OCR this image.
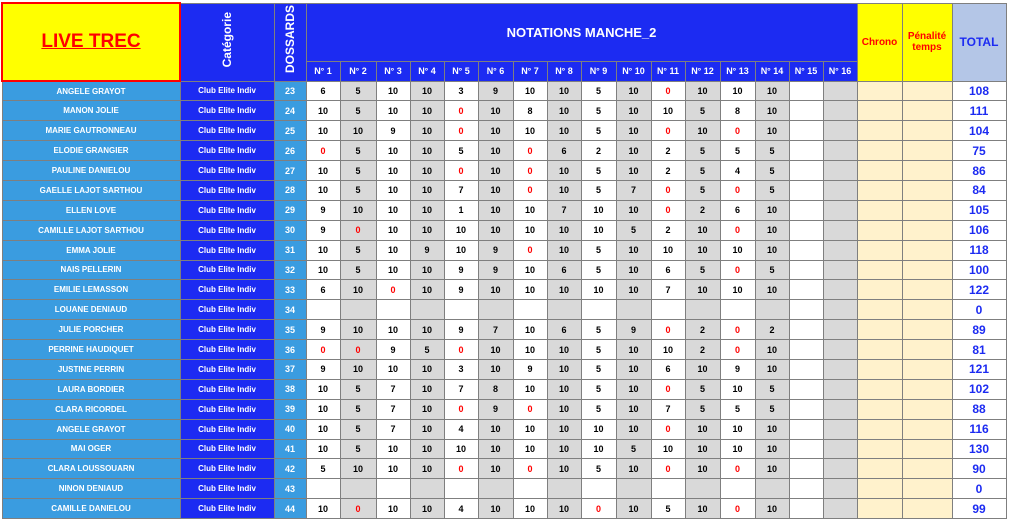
LIVE TREC	Catégorie	DOSSARDS	NOTATIONS MANCHE_2																Chrono	Pénalité temps	TOTAL
			N° 1	N° 2	N° 3	N° 4	N° 5	N° 6	N° 7	N° 8	N° 9	N° 10	N° 11	N° 12	N° 13	N° 14	N° 15	N° 16			
ANGELE GRAYOT	Club Elite Indiv	23	6	5	10	10	3	9	10	10	5	10	0	10	10	10					108
MANON JOLIE	Club Elite Indiv	24	10	5	10	10	0	10	8	10	5	10	10	5	8	10					111
MARIE GAUTRONNEAU	Club Elite Indiv	25	10	10	9	10	0	10	10	10	5	10	0	10	0	10					104
ELODIE GRANGIER	Club Elite Indiv	26	0	5	10	10	5	10	0	6	2	10	2	5	5	5					75
PAULINE DANIELOU	Club Elite Indiv	27	10	5	10	10	0	10	0	10	5	10	2	5	4	5					86
GAELLE LAJOT SARTHOU	Club Elite Indiv	28	10	5	10	10	7	10	0	10	5	7	0	5	0	5					84
ELLEN LOVE	Club Elite Indiv	29	9	10	10	10	1	10	10	7	10	10	0	2	6	10					105
CAMILLE LAJOT SARTHOU	Club Elite Indiv	30	9	0	10	10	10	10	10	10	10	5	2	10	0	10					106
EMMA JOLIE	Club Elite Indiv	31	10	5	10	9	10	9	0	10	5	10	10	10	10	10					118
NAIS PELLERIN	Club Elite Indiv	32	10	5	10	10	9	9	10	6	5	10	6	5	0	5					100
EMILIE LEMASSON	Club Elite Indiv	33	6	10	0	10	9	10	10	10	10	10	7	10	10	10					122
LOUANE DENIAUD	Club Elite Indiv	34																			0
JULIE PORCHER	Club Elite Indiv	35	9	10	10	10	9	7	10	6	5	9	0	2	0	2					89
PERRINE HAUDIQUET	Club Elite Indiv	36	0	0	9	5	0	10	10	10	5	10	10	2	0	10					81
JUSTINE PERRIN	Club Elite Indiv	37	9	10	10	10	3	10	9	10	5	10	6	10	9	10					121
LAURA BORDIER	Club Elite Indiv	38	10	5	7	10	7	8	10	10	5	10	0	5	10	5					102
CLARA RICORDEL	Club Elite Indiv	39	10	5	7	10	0	9	0	10	5	10	7	5	5	5					88
ANGELE GRAYOT	Club Elite Indiv	40	10	5	7	10	4	10	10	10	10	10	0	10	10	10					116
MAI OGER	Club Elite Indiv	41	10	5	10	10	10	10	10	10	10	5	10	10	10	10					130
CLARA LOUSSOUARN	Club Elite Indiv	42	5	10	10	10	0	10	0	10	5	10	0	10	0	10					90
NINON DENIAUD	Club Elite Indiv	43																			0
CAMILLE DANIELOU	Club Elite Indiv	44	10	0	10	10	4	10	10	10	0	10	5	10	0	10					99
